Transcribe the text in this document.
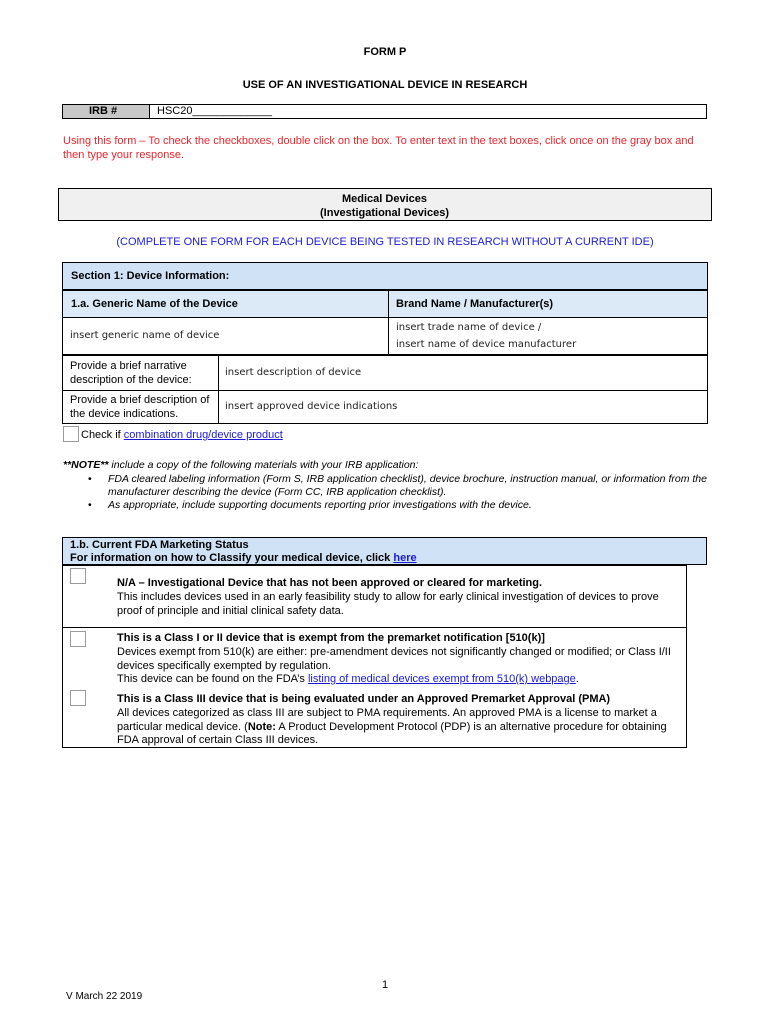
FORM P
USE OF AN INVESTIGATIONAL DEVICE IN RESEARCH
IRB #	HSC20_____________
Using this form – To check the checkboxes, double click on the box. To enter text in the text boxes, click once on the gray box and then type your response.
Medical Devices
(Investigational Devices)
(COMPLETE ONE FORM FOR EACH DEVICE BEING TESTED IN RESEARCH WITHOUT A CURRENT IDE)
Section 1: Device Information:
1.a. Generic Name of the Device	Brand Name / Manufacturer(s)
insert generic name of device
insert trade name of device /
insert name of device manufacturer
Provide a brief narrative description of the device:
insert description of device
Provide a brief description of the device indications.
insert approved device indications
Check if combination drug/device product
**NOTE** include a copy of the following materials with your IRB application:
• FDA cleared labeling information (Form S, IRB application checklist), device brochure, instruction manual, or information from the manufacturer describing the device (Form CC, IRB application checklist).
• As appropriate, include supporting documents reporting prior investigations with the device.
1.b. Current FDA Marketing Status
For information on how to Classify your medical device, click here
N/A – Investigational Device that has not been approved or cleared for marketing.
This includes devices used in an early feasibility study to allow for early clinical investigation of devices to prove proof of principle and initial clinical safety data.
This is a Class I or II device that is exempt from the premarket notification [510(k)]
Devices exempt from 510(k) are either: pre-amendment devices not significantly changed or modified; or Class I/II devices specifically exempted by regulation.
This device can be found on the FDA’s listing of medical devices exempt from 510(k) webpage.
This is a Class III device that is being evaluated under an Approved Premarket Approval (PMA)
All devices categorized as class III are subject to PMA requirements. An approved PMA is a license to market a particular medical device. (Note: A Product Development Protocol (PDP) is an alternative procedure for obtaining FDA approval of certain Class III devices.
1
V March 22 2019
